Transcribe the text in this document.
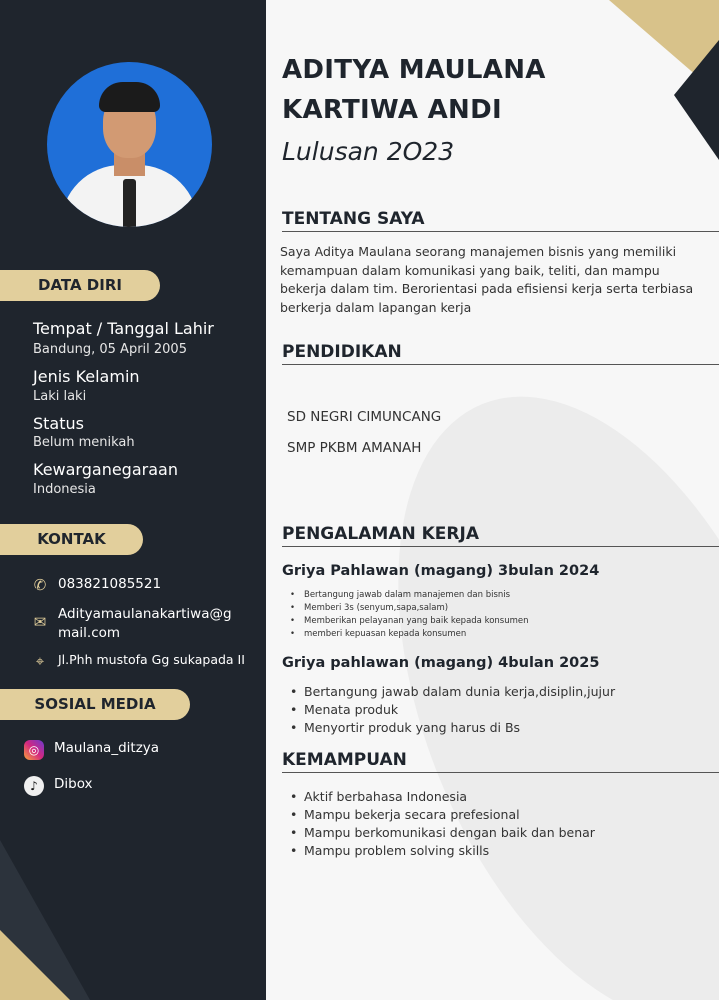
DATA DIRI
Tempat / Tanggal Lahir
Bandung, 05 April 2005
Jenis Kelamin
Laki laki
Status
Belum menikah
Kewarganegaraan
Indonesia
KONTAK
✆ 083821085521
✉ Adityamaulanakartiwa@gmail.com
⌖	Jl.Phh mustofa Gg sukapada II
SOSIAL MEDIA
◎	Maulana_ditzya
♪	Dibox
ADITYA MAULANA
KARTIWA ANDI
Lulusan 2O23
TENTANG SAYA
Saya Aditya Maulana seorang manajemen bisnis yang memiliki kemampuan dalam komunikasi yang baik, teliti, dan mampu bekerja dalam tim. Berorientasi pada efisiensi kerja serta terbiasa berkerja dalam lapangan kerja
PENDIDIKAN
SD NEGRI CIMUNCANG
SMP PKBM AMANAH
PENGALAMAN KERJA
Griya Pahlawan (magang) 3bulan 2024
• Bertangung jawab dalam manajemen dan bisnis
• Memberi 3s (senyum,sapa,salam)
• Memberikan pelayanan yang baik kepada konsumen
• memberi kepuasan kepada konsumen
Griya pahlawan (magang) 4bulan 2025
• Bertangung jawab dalam dunia kerja,disiplin,jujur
• Menata produk
• Menyortir produk yang harus di Bs
KEMAMPUAN
• Aktif berbahasa Indonesia
• Mampu bekerja secara prefesional
• Mampu berkomunikasi dengan baik dan benar
• Mampu problem solving skills
